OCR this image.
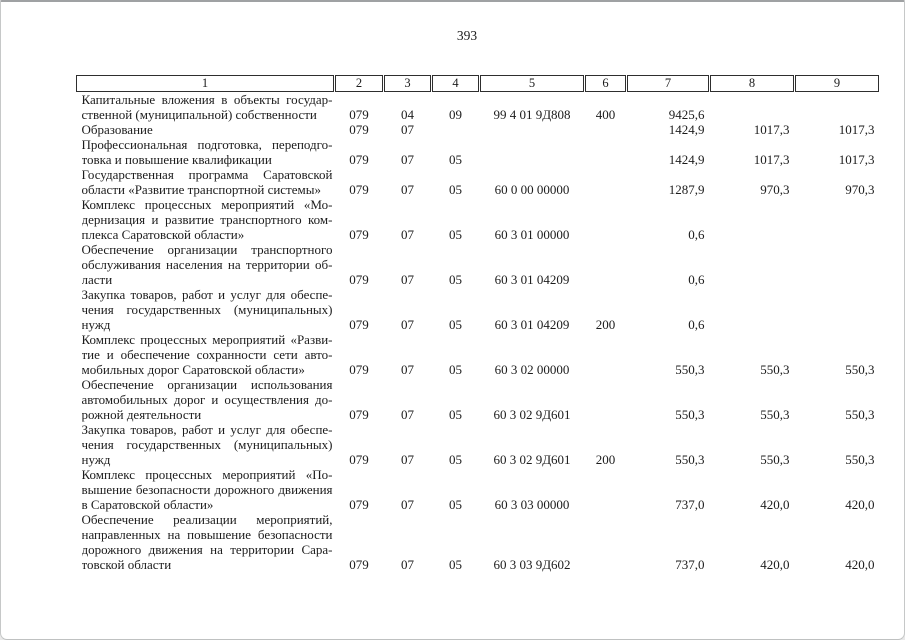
393
1	2	3	4	5	6	7	8	9

Капитальные вложения в объекты государ-
ственной (муниципальной) собственности	079	04	09	99 4 01 9Д808	400	9425,6		

Образование	079	07				1424,9	1017,3	1017,3

Профессиональная подготовка, переподго-
товка и повышение квалификации	079	07	05			1424,9	1017,3	1017,3

Государственная программа Саратовской
области «Развитие транспортной системы»	079	07	05	60 0 00 00000		1287,9	970,3	970,3

Комплекс процессных мероприятий «Мо-
дернизация и развитие транспортного ком-
плекса Саратовской области»	079	07	05	60 3 01 00000		0,6		

Обеспечение организации транспортного
обслуживания населения на территории об-
ласти	079	07	05	60 3 01 04209		0,6		

Закупка товаров, работ и услуг для обеспе-
чения государственных (муниципальных)
нужд	079	07	05	60 3 01 04209	200	0,6		

Комплекс процессных мероприятий «Разви-
тие и обеспечение сохранности сети авто-
мобильных дорог Саратовской области»	079	07	05	60 3 02 00000		550,3	550,3	550,3

Обеспечение организации использования
автомобильных дорог и осуществления до-
рожной деятельности	079	07	05	60 3 02 9Д601		550,3	550,3	550,3

Закупка товаров, работ и услуг для обеспе-
чения государственных (муниципальных)
нужд	079	07	05	60 3 02 9Д601	200	550,3	550,3	550,3

Комплекс процессных мероприятий «По-
вышение безопасности дорожного движения
в Саратовской области»	079	07	05	60 3 03 00000		737,0	420,0	420,0

Обеспечение реализации мероприятий,
направленных на повышение безопасности
дорожного движения на территории Сара-
товской области	079	07	05	60 3 03 9Д602		737,0	420,0	420,0
